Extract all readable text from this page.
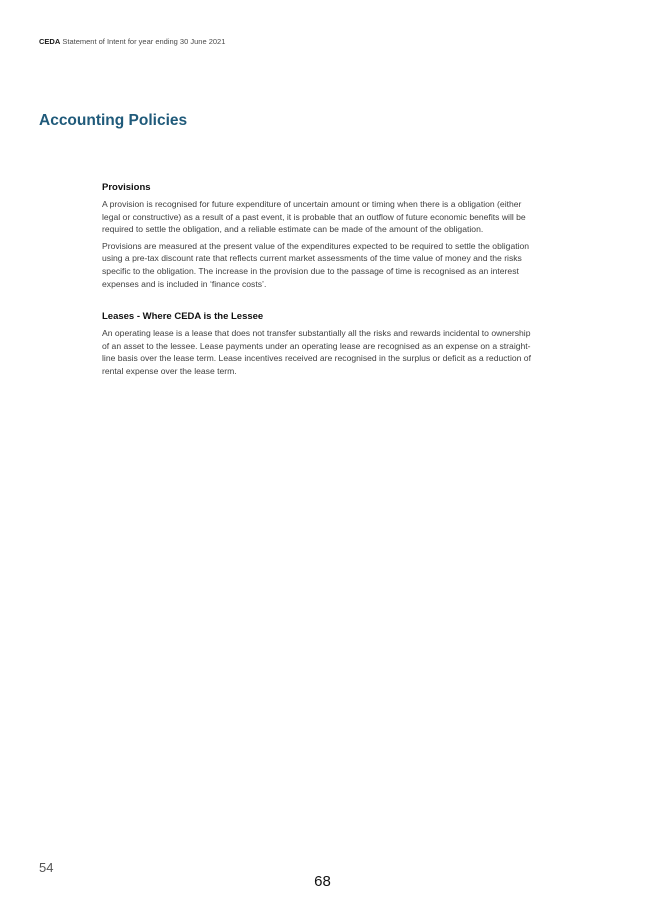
CEDA Statement of Intent for year ending 30 June 2021
Accounting Policies
Provisions

A provision is recognised for future expenditure of uncertain amount or timing when there is a obligation (either legal or constructive) as a result of a past event, it is probable that an outflow of future economic benefits will be required to settle the obligation, and a reliable estimate can be made of the amount of the obligation.

Provisions are measured at the present value of the expenditures expected to be required to settle the obligation using a pre-tax discount rate that reflects current market assessments of the time value of money and the risks specific to the obligation. The increase in the provision due to the passage of time is recognised as an interest expenses and is included in ‘finance costs’.

Leases - Where CEDA is the Lessee

An operating lease is a lease that does not transfer substantially all the risks and rewards incidental to ownership of an asset to the lessee. Lease payments under an operating lease are recognised as an expense on a straight-line basis over the lease term. Lease incentives received are recognised in the surplus or deficit as a reduction of rental expense over the lease term.

54
68
